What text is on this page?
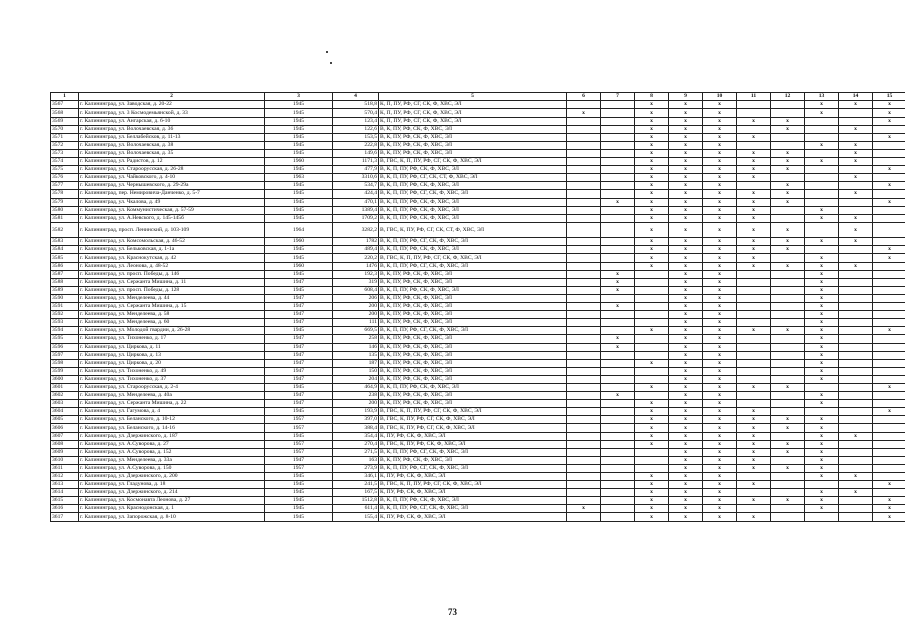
1	2	3	4	5	6	7	8	9	10	11	12	13	14	15
3567	г. Калининград, ул. Заводская, д. 20-22	1945	518,8	К, П, ПУ, РФ, СГ, СК, Ф, ХВС, ЭЛ			x	x	x			x	x	x
3568	г. Калининград, ул. 3 Космодемьянской, д. 33	1945	570,4	К, П, ПУ, РФ, СГ, СК, Ф, ХВС, ЭЛ	x		x	x	x			x		x
3569	г. Калининград, ул. Ангарская, д. 6-10	1945	123,4	К, П, ПУ, РФ, СГ, СК, Ф, ХВС, ЭЛ			x	x	x	x	x			x
3570	г. Калининград, ул. Волочаевская, д. 36	1945	122,6	В, К, ПУ, РФ, СК, Ф, ХВС, ЭЛ			x	x	x		x		x	
3571	г. Калининград, ул. Беллабейсков, д. 11-13	1945	153,5	В, К, ПУ, РФ, СК, Ф, ХВС, ЭЛ			x	x	x	x				x
3572	г. Калининград, ул. Волочаевская, д. 38	1945	222,8	В, К, ПУ, РФ, СК, Ф, ХВС, ЭЛ			x	x	x			x	x	
3573	г. Калининград, ул. Волочаевская, д. 35	1945	149,6	В, К, ПУ, РФ, СК, Ф, ХВС, ЭЛ			x	x	x	x	x		x	
3574	г. Калининград, ул. Радистов, д. 12	1960	1171,3	В, ГВС, К, П, ПУ, РФ, СГ, СК, Ф, ХВС, ЭЛ			x	x	x	x	x	x	x	
3575	г. Калининград, ул. Староорусская, д. 26-28	1945	477,9	В, К, П, ПУ, РФ, СК, Ф, ХВС, ЭЛ			x	x	x	x	x			x
3576	г. Калининград, ул. Чайковского, д. 4-10	1963	3310,6	В, К, П, ПУ, РФ, СГ, СК, СТ, Ф, ХВС, ЭЛ			x	x	x	x			x	
3577	г. Калининград, ул. Чернышевского, д. 29-29а	1945	534,7	В, К, П, ПУ, РФ, СК, Ф, ХВС, ЭЛ			x	x	x		x			x
3578	г. Калининград, пер. Немировича-Данченко, д. 5-7	1945	424,4	В, К, П, ПУ, РФ, СГ, СК, Ф, ХВС, ЭЛ			x	x	x	x	x		x	
3579	г. Калининград, ул. Чкалова, д. 49	1945	470,1	В, К, П, ПУ, РФ, СК, Ф, ХВС, ЭЛ		x	x	x	x	x	x			x
3580	г. Калининград, ул. Коммунистическая, д. 57-59	1945	1389,4	В, К, П, ПУ, РФ, СК, Ф, ХВС, ЭЛ			x	x	x	x		x		
3581	г. Калининград, ул. А.Невского, д. 145-145б	1945	1709,2	В, К, П, ПУ, РФ, СК, Ф, ХВС, ЭЛ			x	x	x	x		x	x	
3582	г. Калининград, просп. Ленинский, д. 103-109	1964	3282,2	В, ГВС, К, ПУ, РФ, СГ, СК, СТ, Ф, ХВС, ЭЛ			x	x	x	x	x		x	
3583	г. Калининград, ул. Комсомольская, д. 46-52	1960	1782	В, К, П, ПУ, РФ, СГ, СК, Ф, ХВС, ЭЛ			x	x	x	x	x	x	x	
3584	г. Калининград, ул. Бельковская, д. 1-1а	1945	489,4	В, К, П, ПУ, РФ, СК, Ф, ХВС, ЭЛ			x	x	x	x	x			x
3585	г. Калининград, ул. Краснокутская, д. 42	1945	220,2	В, ГВС, К, П, ПУ, РФ, СГ, СК, Ф, ХВС, ЭЛ			x	x	x	x		x		x
3586	г. Калининград, ул. Леонова, д. 48-52	1960	1476	В, К, П, ПУ, РФ, СГ, СК, Ф, ХВС, ЭЛ			x	x	x	x	x	x	x	
3587	г. Калининград, ул. просп. Победы, д. 146	1945	192,3	В, К, ПУ, РФ, СК, Ф, ХВС, ЭЛ		x		x	x			x		
3588	г. Калининград, ул. Сержанта Мишина, д. 11	1947	319	В, К, ПУ, РФ, СК, Ф, ХВС, ЭЛ		x		x	x			x		
3589	г. Калининград, ул. просп. Победы, д. 128	1945	608,4	В, К, П, ПУ, РФ, СК, Ф, ХВС, ЭЛ		x		x	x			x		
3590	г. Калининград, ул. Менделеева, д. 44	1947	206	В, К, ПУ, РФ, СК, Ф, ХВС, ЭЛ				x	x			x		
3591	г. Калининград, ул. Сержанта Мишина, д. 15	1947	200	В, К, ПУ, РФ, СК, Ф, ХВС, ЭЛ		x		x	x			x		
3592	г. Калининград, ул. Менделеева, д. 58	1947	200	В, К, ПУ, РФ, СК, Ф, ХВС, ЭЛ				x	x			x		
3593	г. Калининград, ул. Менделеева, д. 60	1947	111	В, К, ПУ, РФ, СК, Ф, ХВС, ЭЛ				x	x			x		
3594	г. Калининград, ул. Молодой гвардии, д. 26-28	1945	669,5	В, К, П, ПУ, РФ, СГ, СК, Ф, ХВС, ЭЛ			x	x	x	x	x	x		x
3595	г. Калининград, ул. Тихоненко, д. 17	1947	258	В, К, ПУ, РФ, СК, Ф, ХВС, ЭЛ		x		x	x			x		
3596	г. Калининград, ул. Циркова, д. 11	1947	146	В, К, ПУ, РФ, СК, Ф, ХВС, ЭЛ		x		x	x			x		
3597	г. Калининград, ул. Циркова, д. 13	1947	135	В, К, ПУ, РФ, СК, Ф, ХВС, ЭЛ				x	x			x		
3598	г. Калининград, ул. Циркова, д. 20	1947	187	В, К, ПУ, РФ, СК, Ф, ХВС, ЭЛ			x	x	x			x		
3599	г. Калининград, ул. Тихоненко, д. 49	1947	150	В, К, ПУ, РФ, СК, Ф, ХВС, ЭЛ				x	x			x		
3600	г. Калининград, ул. Тихоненко, д. 37	1947	204	В, К, ПУ, РФ, СК, Ф, ХВС, ЭЛ				x	x			x		
3601	г. Калининград, ул. Староорусская, д. 2-4	1945	464,9	В, К, П, ПУ, РФ, СК, Ф, ХВС, ЭЛ			x	x	x	x	x			x
3602	г. Калининград, ул. Менделеева, д. 40а	1947	238	В, К, ПУ, РФ, СК, Ф, ХВС, ЭЛ		x		x	x			x		
3603	г. Калининград, ул. Сержанта Мишина, д. 22	1947	200	В, К, ПУ, РФ, СК, Ф, ХВС, ЭЛ			x	x	x			x		
3604	г. Калининград, ул. Гагумова, д. 4	1945	193,9	В, ГВС, К, П, ПУ, РФ, СГ, СК, Ф, ХВС, ЭЛ			x	x	x	x				x
3605	г. Калининград, ул. Беланского, д. 10-12	1957	397,0	В, ГВС, К, ПУ, РФ, СГ, СК, Ф, ХВС, ЭЛ			x	x	x	x	x	x		
3606	г. Калининград, ул. Беланского, д. 14-16	1957	388,4	В, ГВС, К, ПУ, РФ, СГ, СК, Ф, ХВС, ЭЛ			x	x	x	x	x	x		
3607	г. Калининград, ул. Дзержинского, д. 187	1945	354,4	К, ПУ, РФ, СК, Ф, ХВС, ЭЛ			x	x	x	x		x	x	
3608	г. Калининград, ул. А.Суворова, д. 27	1957	270,4	В, ГВС, К, ПУ, РФ, СК, Ф, ХВС, ЭЛ			x	x	x	x	x	x		
3609	г. Калининград, ул. А.Суворова, д. 152	1957	271,5	В, К, П, ПУ, РФ, СГ, СК, Ф, ХВС, ЭЛ				x	x	x	x	x		
3610	г. Калининград, ул. Менделеева, д. 33а	1947	163	В, К, ПУ, РФ, СК, Ф, ХВС, ЭЛ				x	x	x		x		
3611	г. Калининград, ул. А.Суворова, д. 150	1957	273,9	В, К, П, ПУ, РФ, СГ, СК, Ф, ХВС, ЭЛ				x	x	x	x	x		
3612	г. Калининград, ул. Дзержинского, д. 200	1945	346,1	К, ПУ, РФ, СК, Ф, ХВС, ЭЛ			x	x	x			x	x	
3613	г. Калининград, ул. Гладунова, д. 18	1945	241,5	В, ГВС, К, П, ПУ, РФ, СГ, СК, Ф, ХВС, ЭЛ			x	x	x	x				x
3614	г. Калининград, ул. Дзержинского, д. 214	1945	167,5	К, ПУ, РФ, СК, Ф, ХВС, ЭЛ			x	x	x			x	x	
3615	г. Калининград, ул. Космонавта Леонова, д. 27	1945	1512,8	В, К, П, ПУ, РФ, СК, Ф, ХВС, ЭЛ			x	x	x	x	x	x		x
3616	г. Калининград, ул. Краснодонская, д. 1	1945	611,4	В, К, П, ПУ, РФ, СГ, СК, Ф, ХВС, ЭЛ	x		x	x	x			x		x
3617	г. Калининград, ул. Запорожская, д. 8-10	1945	155,4	К, ПУ, РФ, СК, Ф, ХВС, ЭЛ			x	x	x	x				x
73
